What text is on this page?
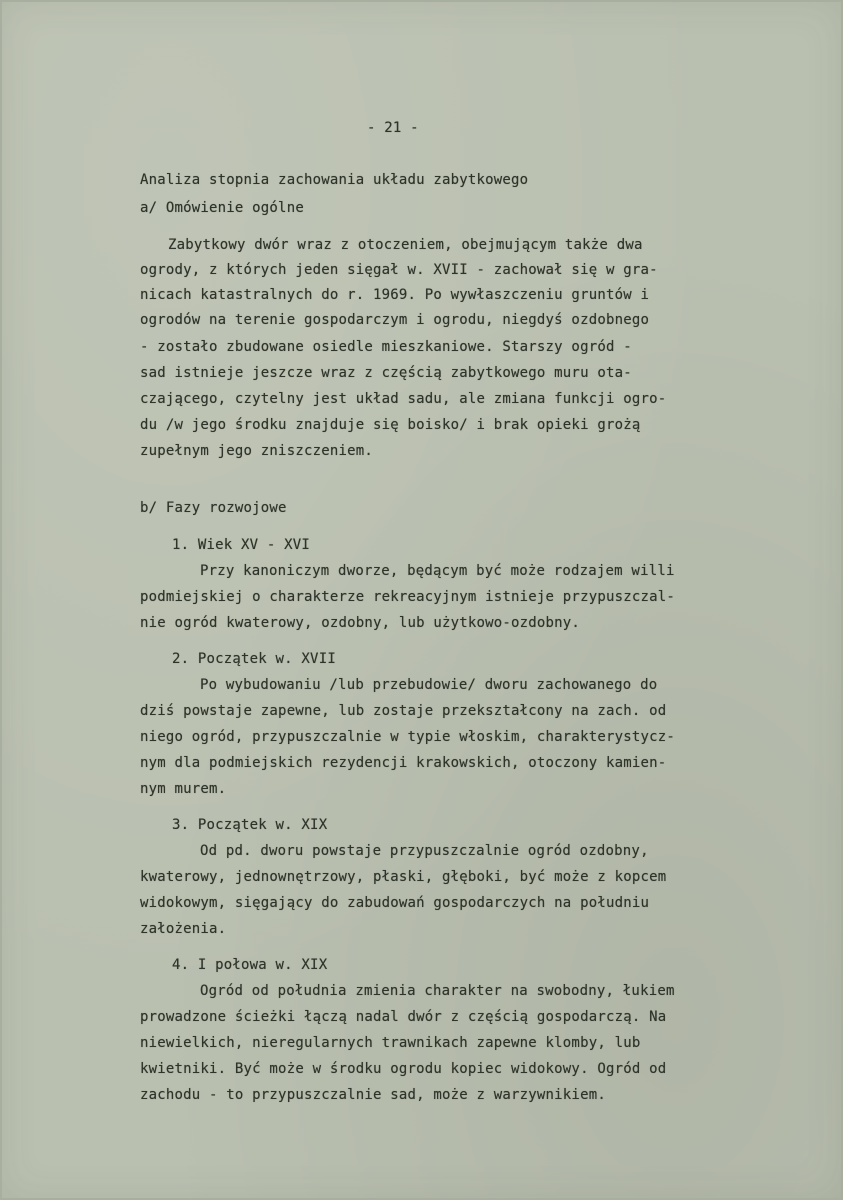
- 21 -
Analiza stopnia zachowania układu zabytkowego
a/ Omówienie ogólne
Zabytkowy dwór wraz z otoczeniem, obejmującym także dwa
ogrody, z których jeden sięgał w. XVII - zachował się w gra-
nicach katastralnych do r. 1969. Po wywłaszczeniu gruntów i
ogrodów na terenie gospodarczym i ogrodu, niegdyś ozdobnego
- zostało zbudowane osiedle mieszkaniowe. Starszy ogród -
sad istnieje jeszcze wraz z częścią zabytkowego muru ota-
czającego, czytelny jest układ sadu, ale zmiana funkcji ogro-
du /w jego środku znajduje się boisko/ i brak opieki grożą
zupełnym jego zniszczeniem.
b/ Fazy rozwojowe
1. Wiek XV - XVI
Przy kanoniczym dworze, będącym być może rodzajem willi
podmiejskiej o charakterze rekreacyjnym istnieje przypuszczal-
nie ogród kwaterowy, ozdobny, lub użytkowo-ozdobny.
2. Początek w. XVII
Po wybudowaniu /lub przebudowie/ dworu zachowanego do
dziś powstaje zapewne, lub zostaje przekształcony na zach. od
niego ogród, przypuszczalnie w typie włoskim, charakterystycz-
nym dla podmiejskich rezydencji krakowskich, otoczony kamien-
nym murem.
3. Początek w. XIX
Od pd. dworu powstaje przypuszczalnie ogród ozdobny,
kwaterowy, jednownętrzowy, płaski, głęboki, być może z kopcem
widokowym, sięgający do zabudowań gospodarczych na południu
założenia.
4. I połowa w. XIX
Ogród od południa zmienia charakter na swobodny, łukiem
prowadzone ścieżki łączą nadal dwór z częścią gospodarczą. Na
niewielkich, nieregularnych trawnikach zapewne klomby, lub
kwietniki. Być może w środku ogrodu kopiec widokowy. Ogród od
zachodu - to przypuszczalnie sad, może z warzywnikiem.
